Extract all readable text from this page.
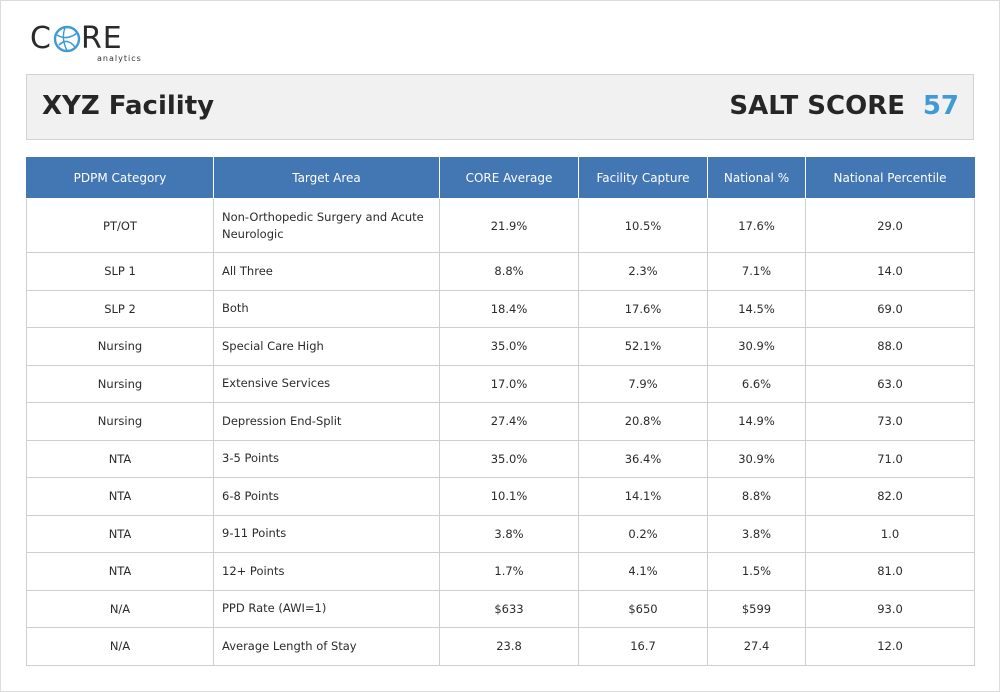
C RE
analytics
XYZ Facility	SALT SCORE 57
PDPM Category	Target Area	CORE Average	Facility Capture	National %	National Percentile
PT/OT	Non-Orthopedic Surgery and Acute Neurologic	21.9%	10.5%	17.6%	29.0
SLP 1	All Three	8.8%	2.3%	7.1%	14.0
SLP 2	Both	18.4%	17.6%	14.5%	69.0
Nursing	Special Care High	35.0%	52.1%	30.9%	88.0
Nursing	Extensive Services	17.0%	7.9%	6.6%	63.0
Nursing	Depression End-Split	27.4%	20.8%	14.9%	73.0
NTA	3-5 Points	35.0%	36.4%	30.9%	71.0
NTA	6-8 Points	10.1%	14.1%	8.8%	82.0
NTA	9-11 Points	3.8%	0.2%	3.8%	1.0
NTA	12+ Points	1.7%	4.1%	1.5%	81.0
N/A	PPD Rate (AWI=1)	$633	$650	$599	93.0
N/A	Average Length of Stay	23.8	16.7	27.4	12.0
